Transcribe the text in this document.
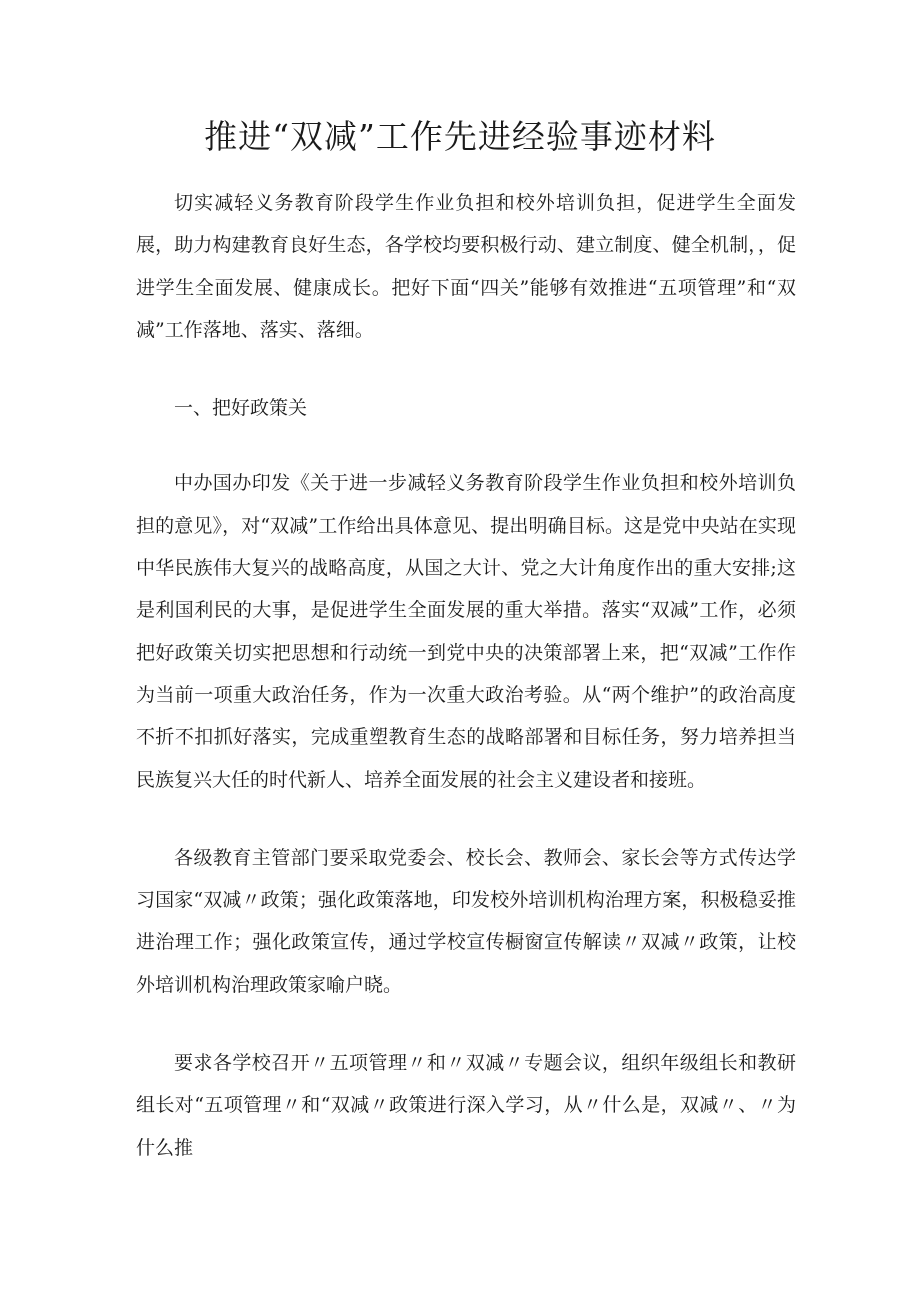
推进“双减”工作先进经验事迹材料

切实减轻义务教育阶段学生作业负担和校外培训负担，促进学生全面发展，助力构建教育良好生态，各学校均要积极行动、建立制度、健全机制，，促进学生全面发展、健康成长。把好下面“四关”能够有效推进“五项管理”和“双减”工作落地、落实、落细。

一、把好政策关

中办国办印发《关于进一步减轻义务教育阶段学生作业负担和校外培训负担的意见》，对“双减”工作给出具体意见、提出明确目标。这是党中央站在实现中华民族伟大复兴的战略高度，从国之大计、党之大计角度作出的重大安排;这是利国利民的大事，是促进学生全面发展的重大举措。落实“双减”工作，必须把好政策关切实把思想和行动统一到党中央的决策部署上来，把“双减”工作作为当前一项重大政治任务，作为一次重大政治考验。从“两个维护”的政治高度不折不扣抓好落实，完成重塑教育生态的战略部署和目标任务，努力培养担当民族复兴大任的时代新人、培养全面发展的社会主义建设者和接班。

各级教育主管部门要采取党委会、校长会、教师会、家长会等方式传达学习国家“双减〃政策；强化政策落地，印发校外培训机构治理方案，积极稳妥推进治理工作；强化政策宣传，通过学校宣传橱窗宣传解读〃双减〃政策，让校外培训机构治理政策家喻户晓。

要求各学校召开〃五项管理〃和〃双减〃专题会议，组织年级组长和教研组长对“五项管理〃和“双减〃政策进行深入学习，从〃什么是，双减〃、〃为什么推
